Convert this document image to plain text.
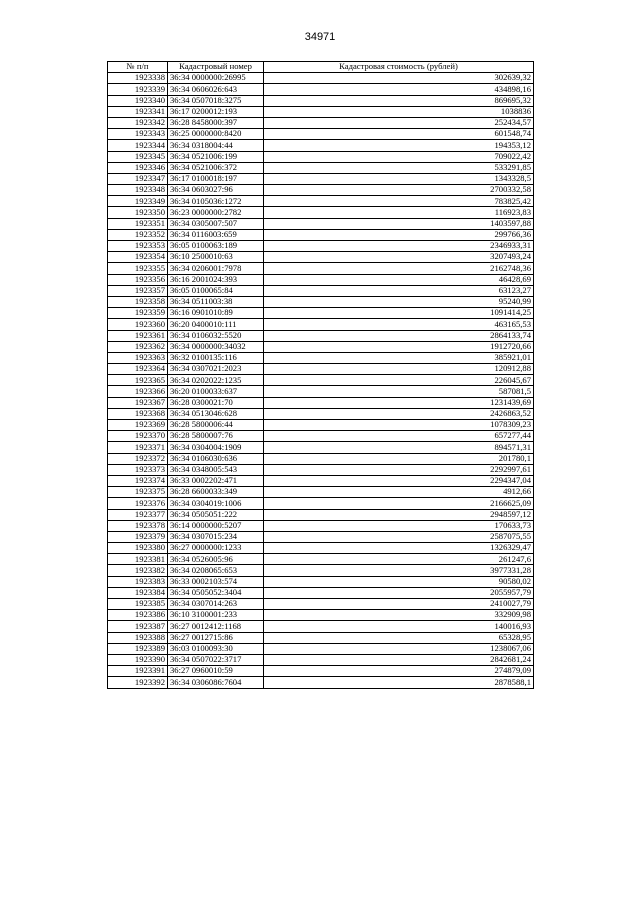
34971
№ п/п	Кадастровый номер	Кадастровая стоимость (рублей)
1923338	36:34 0000000:26995	302639,32
1923339	36:34 0606026:643	434898,16
1923340	36:34 0507018:3275	869695,32
1923341	36:17 0200012:193	1038836
1923342	36:28 8458000:397	252434,57
1923343	36:25 0000000:8420	601548,74
1923344	36:34 0318004:44	194353,12
1923345	36:34 0521006:199	709022,42
1923346	36:34 0521006:372	533291,85
1923347	36:17 0100018:197	1343328,5
1923348	36:34 0603027:96	2700332,58
1923349	36:34 0105036:1272	783825,42
1923350	36:23 0000000:2782	116923,83
1923351	36:34 0305007:507	1403597,88
1923352	36:34 0116003:659	299766,36
1923353	36:05 0100063:189	2346933,31
1923354	36:10 2500010:63	3207493,24
1923355	36:34 0206001:7978	2162748,36
1923356	36:16 2001024:393	46428,69
1923357	36:05 0100065:84	63123,27
1923358	36:34 0511003:38	95240,99
1923359	36:16 0901010:89	1091414,25
1923360	36:20 0400010:111	463165,53
1923361	36:34 0106032:5520	2864133,74
1923362	36:34 0000000:34032	1912720,66
1923363	36:32 0100135:116	385921,01
1923364	36:34 0307021:2023	120912,88
1923365	36:34 0202022:1235	226045,67
1923366	36:20 0100033:637	587081,5
1923367	36:28 0300021:70	1231439,69
1923368	36:34 0513046:628	2426863,52
1923369	36:28 5800006:44	1078309,23
1923370	36:28 5800007:76	657277,44
1923371	36:34 0304004:1909	894571,31
1923372	36:34 0106030:636	201780,1
1923373	36:34 0348005:543	2292997,61
1923374	36:33 0002202:471	2294347,04
1923375	36:28 6600033:349	4912,66
1923376	36:34 0304019:1006	2166625,09
1923377	36:34 0505051:222	2948597,12
1923378	36:14 0000000:5207	170633,73
1923379	36:34 0307015:234	2587075,55
1923380	36:27 0000000:1233	1326329,47
1923381	36:34 0526005:96	261247,6
1923382	36:34 0208065:653	3977331,28
1923383	36:33 0002103:574	90580,02
1923384	36:34 0505052:3404	2055957,79
1923385	36:34 0307014:263	2410027,79
1923386	36:10 3100001:233	332909,98
1923387	36:27 0012412:1168	140016,93
1923388	36:27 0012715:86	65328,95
1923389	36:03 0100093:30	1238067,06
1923390	36:34 0507022:3717	2842681,24
1923391	36:27 0960010:59	274879,09
1923392	36:34 0306086:7604	2878588,1
